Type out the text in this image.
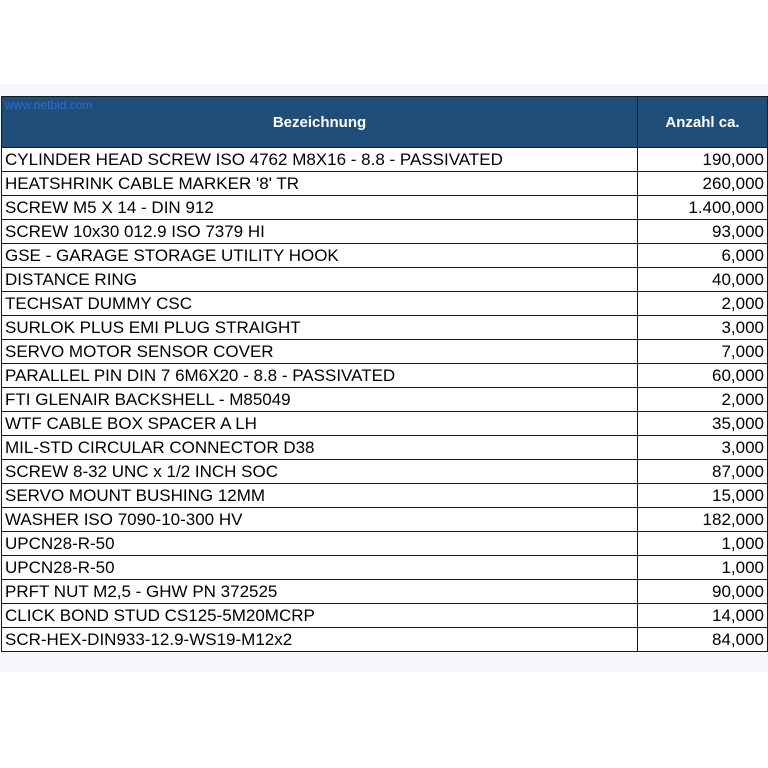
www.netbid.com
Bezeichnung	Anzahl ca.
CYLINDER HEAD SCREW ISO 4762 M8X16 - 8.8 - PASSIVATED	190,000
HEATSHRINK CABLE MARKER '8' TR	260,000
SCREW M5 X 14 - DIN 912	1.400,000
SCREW 10x30 012.9 ISO 7379 HI	93,000
GSE - GARAGE STORAGE UTILITY HOOK	6,000
DISTANCE RING	40,000
TECHSAT DUMMY CSC	2,000
SURLOK PLUS EMI PLUG STRAIGHT	3,000
SERVO MOTOR SENSOR COVER	7,000
PARALLEL PIN DIN 7 6M6X20 - 8.8 - PASSIVATED	60,000
FTI GLENAIR BACKSHELL - M85049	2,000
WTF CABLE BOX SPACER A LH	35,000
MIL-STD CIRCULAR CONNECTOR D38	3,000
SCREW 8-32 UNC x 1/2 INCH SOC	87,000
SERVO MOUNT BUSHING 12MM	15,000
WASHER ISO 7090-10-300 HV	182,000
UPCN28-R-50	1,000
UPCN28-R-50	1,000
PRFT NUT M2,5 - GHW PN 372525	90,000
CLICK BOND STUD CS125-5M20MCRP	14,000
SCR-HEX-DIN933-12.9-WS19-M12x2	84,000
